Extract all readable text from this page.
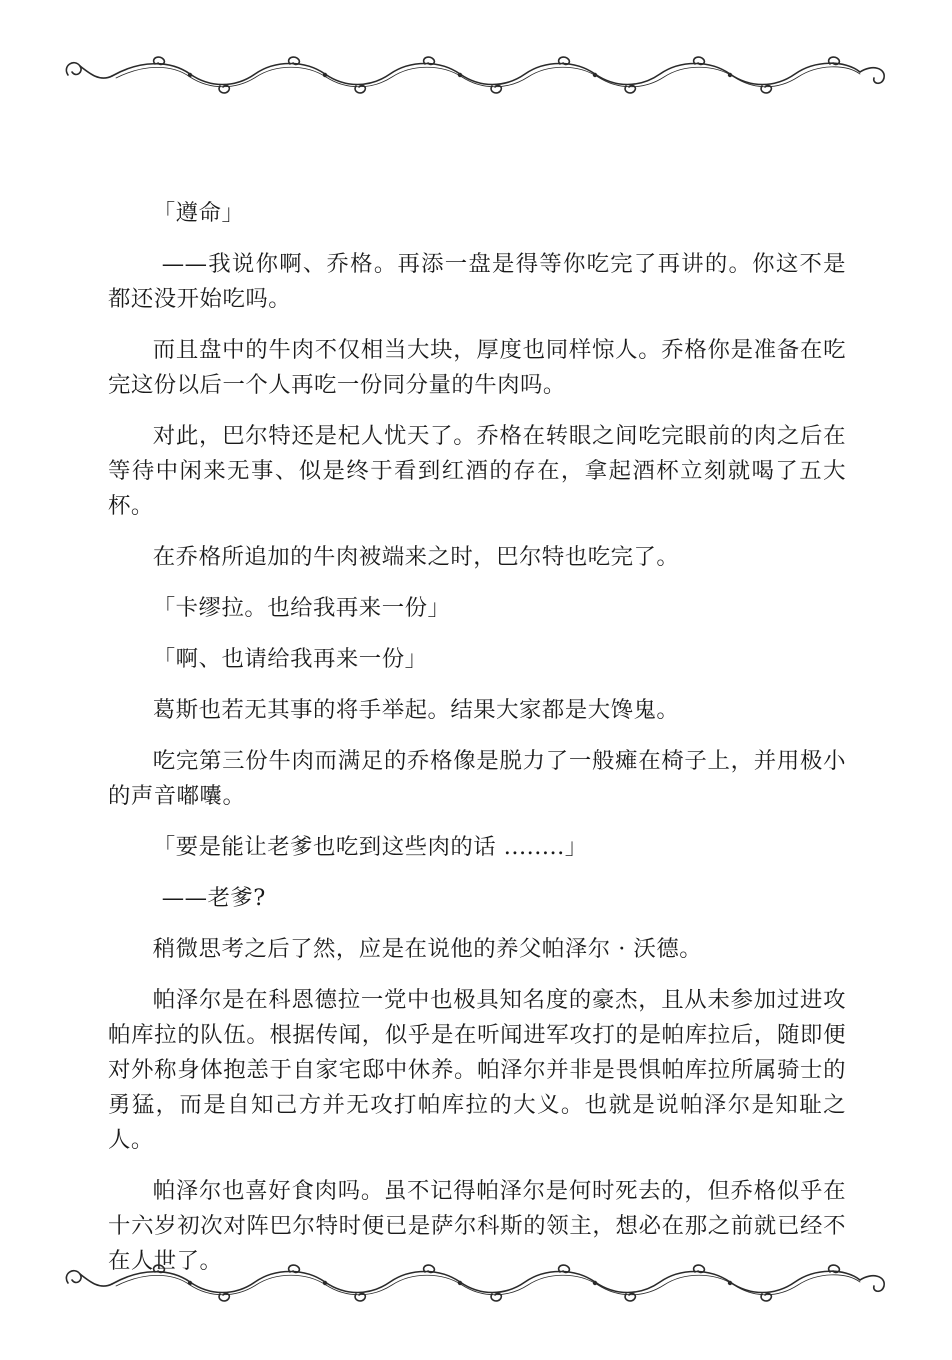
「遵命」

——我说你啊、乔格。再添一盘是得等你吃完了再讲的。你这不是都还没开始吃吗。

而且盘中的牛肉不仅相当大块，厚度也同样惊人。乔格你是准备在吃完这份以后一个人再吃一份同分量的牛肉吗。

对此，巴尔特还是杞人忧天了。乔格在转眼之间吃完眼前的肉之后在等待中闲来无事、似是终于看到红酒的存在，拿起酒杯立刻就喝了五大杯。

在乔格所追加的牛肉被端来之时，巴尔特也吃完了。

「卡缪拉。也给我再来一份」

「啊、也请给我再来一份」

葛斯也若无其事的将手举起。结果大家都是大馋鬼。

吃完第三份牛肉而满足的乔格像是脱力了一般瘫在椅子上，并用极小的声音嘟囔。

「要是能让老爹也吃到这些肉的话 ........」

——老爹?

稍微思考之后了然，应是在说他的养父帕泽尔 · 沃德。

帕泽尔是在科恩德拉一党中也极具知名度的豪杰，且从未参加过进攻帕库拉的队伍。根据传闻，似乎是在听闻进军攻打的是帕库拉后，随即便对外称身体抱恙于自家宅邸中休养。帕泽尔并非是畏惧帕库拉所属骑士的勇猛，而是自知己方并无攻打帕库拉的大义。也就是说帕泽尔是知耻之人。

帕泽尔也喜好食肉吗。虽不记得帕泽尔是何时死去的，但乔格似乎在十六岁初次对阵巴尔特时便已是萨尔科斯的领主，想必在那之前就已经不在人世了。
